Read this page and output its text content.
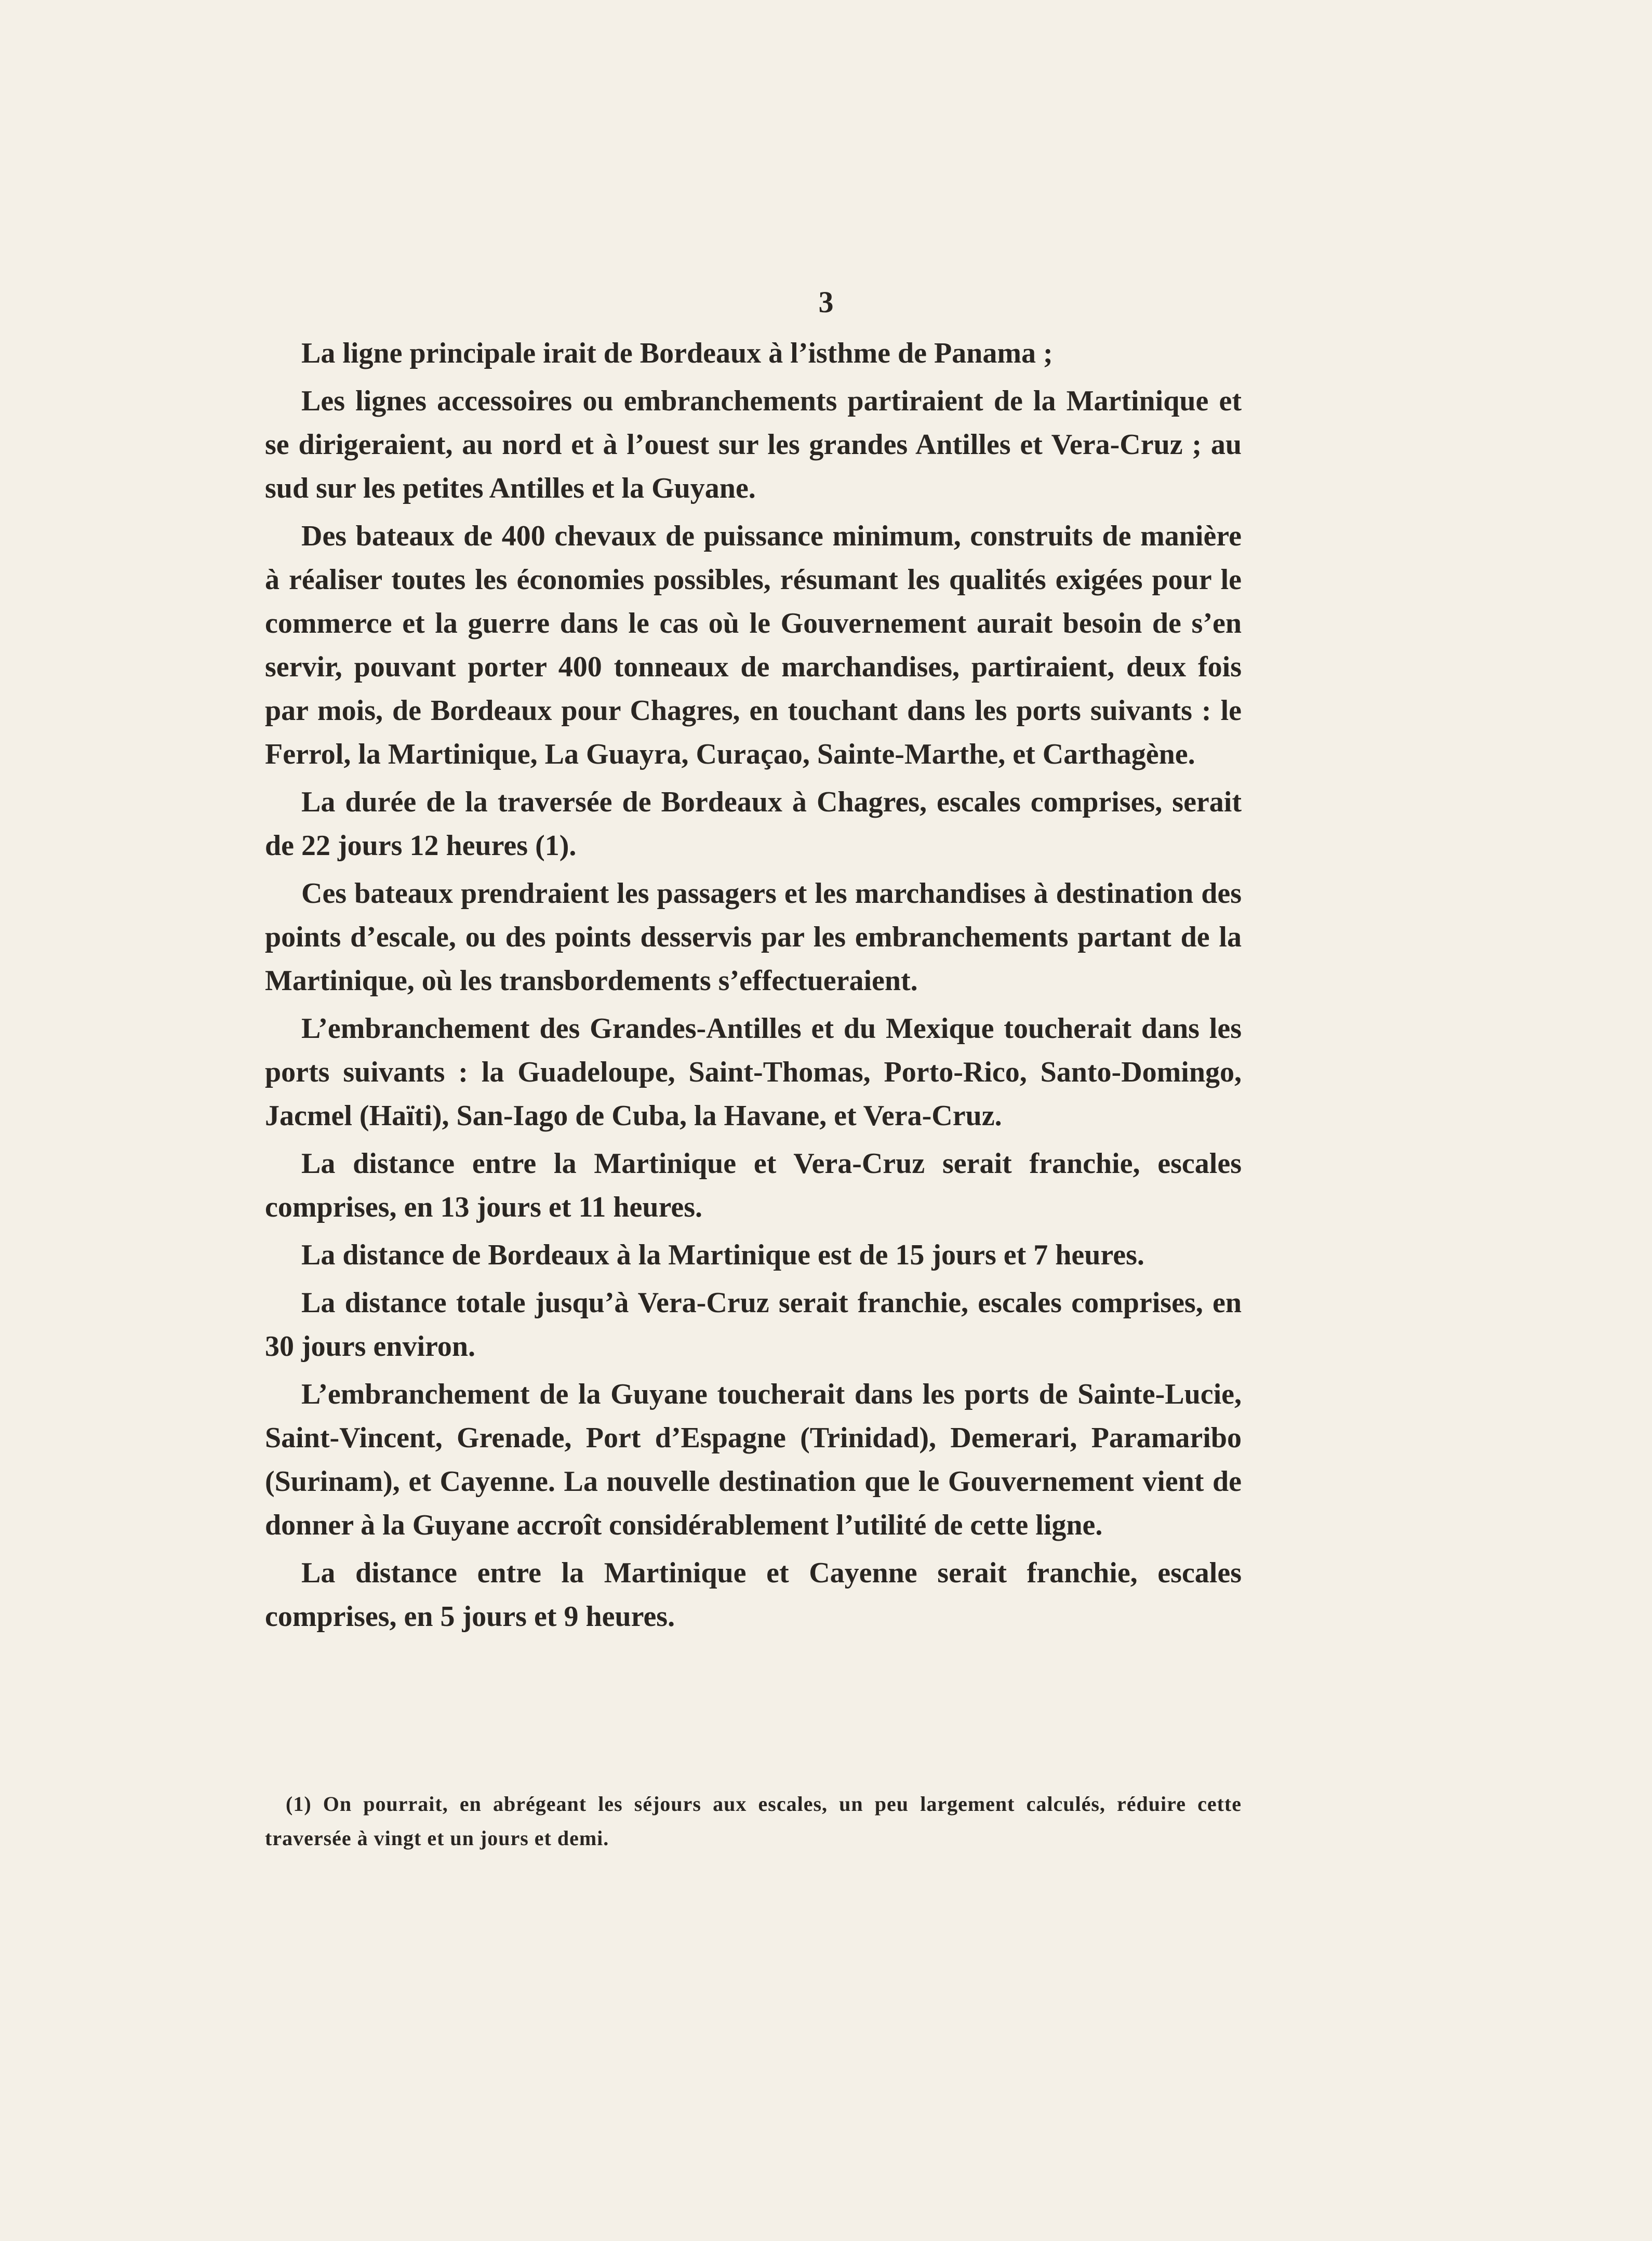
3

La ligne principale irait de Bordeaux à l’isthme de Panama ;

Les lignes accessoires ou embranchements partiraient de la Martinique et se dirigeraient, au nord et à l’ouest sur les grandes Antilles et Vera-Cruz ; au sud sur les petites Antilles et la Guyane.

Des bateaux de 400 chevaux de puissance minimum, construits de manière à réaliser toutes les économies possibles, résumant les qualités exigées pour le commerce et la guerre dans le cas où le Gouvernement aurait besoin de s’en servir, pouvant porter 400 tonneaux de marchandises, partiraient, deux fois par mois, de Bordeaux pour Chagres, en touchant dans les ports suivants : le Ferrol, la Martinique, La Guayra, Curaçao, Sainte-Marthe, et Carthagène.

La durée de la traversée de Bordeaux à Chagres, escales comprises, serait de 22 jours 12 heures (1).

Ces bateaux prendraient les passagers et les marchandises à destination des points d’escale, ou des points desservis par les embranchements partant de la Martinique, où les transbordements s’effectueraient.

L’embranchement des Grandes-Antilles et du Mexique toucherait dans les ports suivants : la Guadeloupe, Saint-Thomas, Porto-Rico, Santo-Domingo, Jacmel (Haïti), San-Iago de Cuba, la Havane, et Vera-Cruz.

La distance entre la Martinique et Vera-Cruz serait franchie, escales comprises, en 13 jours et 11 heures.

La distance de Bordeaux à la Martinique est de 15 jours et 7 heures.

La distance totale jusqu’à Vera-Cruz serait franchie, escales comprises, en 30 jours environ.

L’embranchement de la Guyane toucherait dans les ports de Sainte-Lucie, Saint-Vincent, Grenade, Port d’Espagne (Trinidad), Demerari, Paramaribo (Surinam), et Cayenne. La nouvelle destination que le Gouvernement vient de donner à la Guyane accroît considérablement l’utilité de cette ligne.

La distance entre la Martinique et Cayenne serait franchie, escales comprises, en 5 jours et 9 heures.

(1) On pourrait, en abrégeant les séjours aux escales, un peu largement calculés, réduire cette traversée à vingt et un jours et demi.
